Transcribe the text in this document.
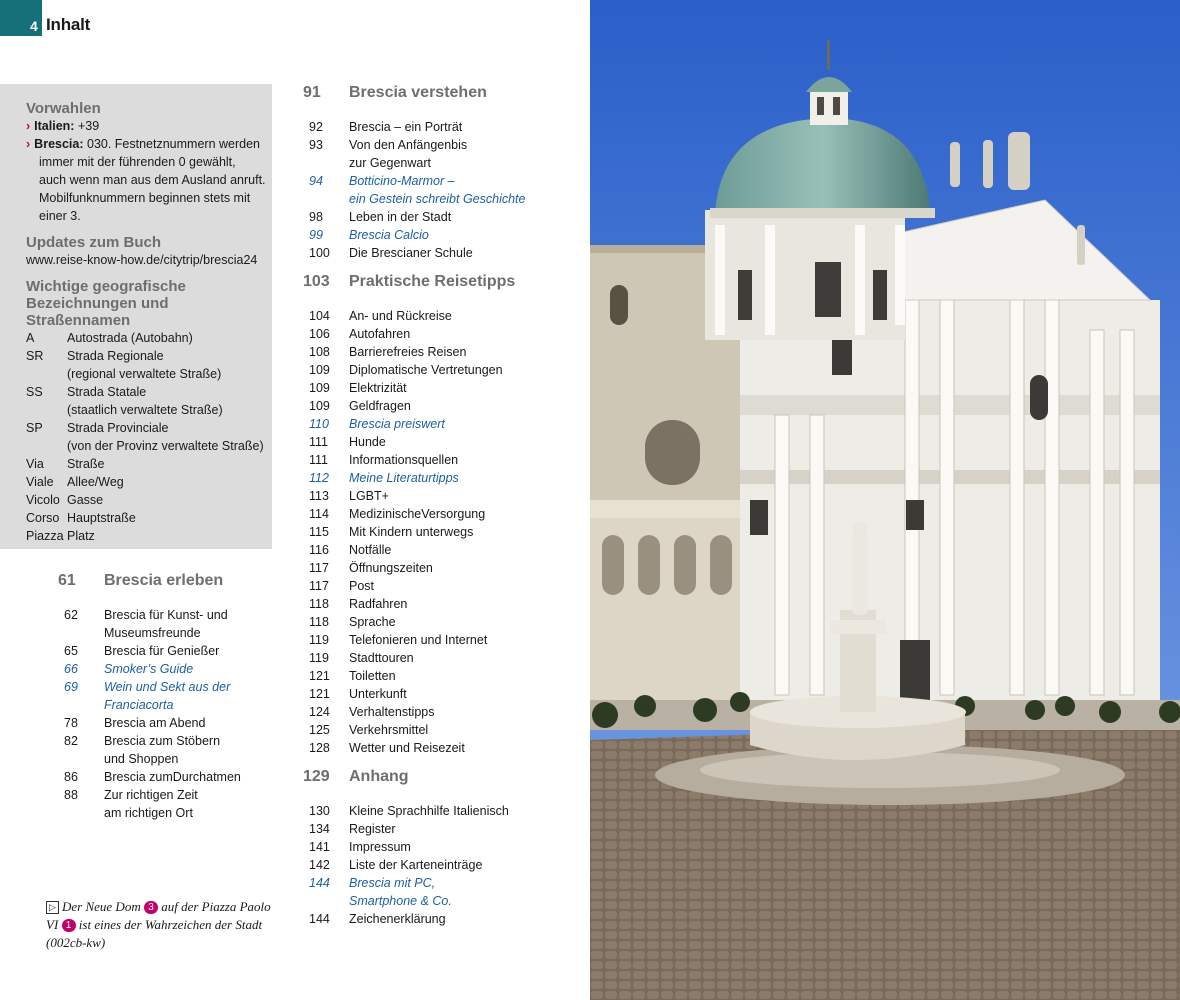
4 Inhalt

Vorwahlen

› Italien: +39

› Brescia: 030. Festnetznummern werden immer mit der führenden 0 gewählt, auch wenn man aus dem Ausland anruft. Mobilfunknummern beginnen stets mit einer 3.

Updates zum Buch

www.reise-know-how.de/citytrip/brescia24

Wichtige geografische Bezeichnungen und Straßennamen

A	Autostrada (Autobahn)
SR	Strada Regionale
(regional verwaltete Straße)
SS	Strada Statale
(staatlich verwaltete Straße)
SP	Strada Provinciale
(von der Provinz verwaltete Straße)
Via	Straße
Viale	Allee/Weg
Vicolo Gasse
Corso Hauptstraße
Piazza Platz
61	Brescia erleben
62	Brescia für Kunst- und
Museumsfreunde
65	Brescia für Genießer
66	Smoker’s Guide
69	Wein und Sekt aus der
Franciacorta
78	Brescia am Abend
82	Brescia zum Stöbern
und Shoppen
86	Brescia zumDurchatmen
88	Zur richtigen Zeit
am richtigen Ort
▷ Der Neue Dom 3 auf der Piazza Paolo VI 1 ist eines der Wahrzeichen der Stadt (002cb-kw)
91	Brescia verstehen
92	Brescia – ein Porträt
93	Von den Anfängenbis
zur Gegenwart
94	Botticino-Marmor –
ein Gestein schreibt Geschichte
98	Leben in der Stadt
99	Brescia Calcio
100	Die Brescianer Schule
103	Praktische Reisetipps
104	An- und Rückreise
106	Autofahren
108	Barrierefreies Reisen
109	Diplomatische Vertretungen
109	Elektrizität
109	Geldfragen
110	Brescia preiswert
111	Hunde
111	Informationsquellen
112	Meine Literaturtipps
113	LGBT+
114	MedizinischeVersorgung
115	Mit Kindern unterwegs
116	Notfälle
117	Öffnungszeiten
117	Post
118	Radfahren
118	Sprache
119	Telefonieren und Internet
119	Stadttouren
121	Toiletten
121	Unterkunft
124	Verhaltenstipps
125	Verkehrsmittel
128	Wetter und Reisezeit
129	Anhang
130	Kleine Sprachhilfe Italienisch
134	Register
141	Impressum
142	Liste der Karteneinträge
144	Brescia mit PC,
Smartphone & Co.
144	Zeichenerklärung
